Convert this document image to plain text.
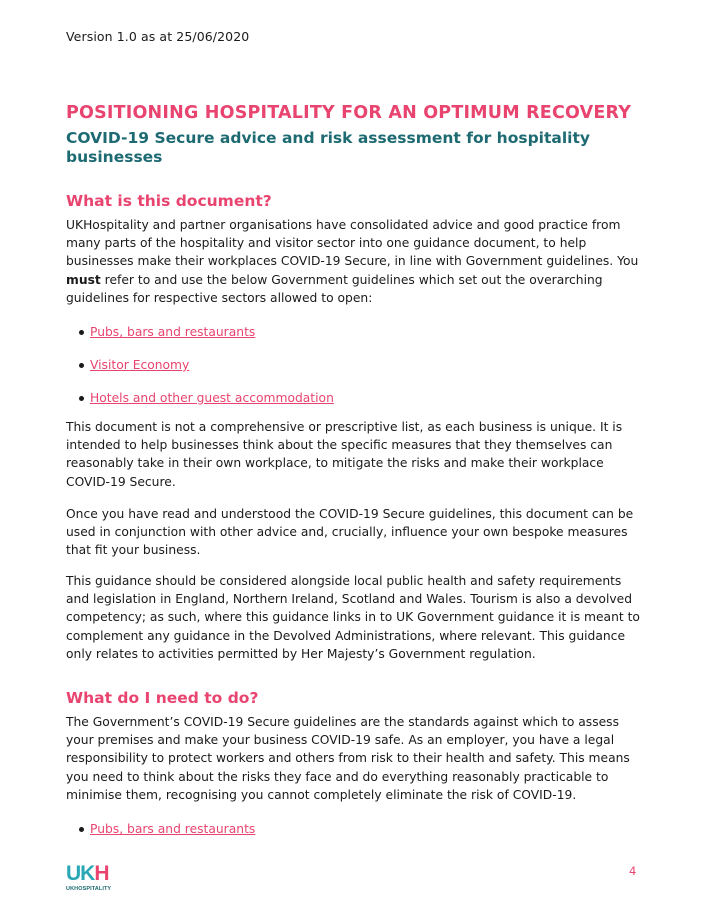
Version 1.0 as at 25/06/2020
POSITIONING HOSPITALITY FOR AN OPTIMUM RECOVERY
COVID-19 Secure advice and risk assessment for hospitality businesses
What is this document?
UKHospitality and partner organisations have consolidated advice and good practice from many parts of the hospitality and visitor sector into one guidance document, to help businesses make their workplaces COVID-19 Secure, in line with Government guidelines. You must refer to and use the below Government guidelines which set out the overarching guidelines for respective sectors allowed to open:
Pubs, bars and restaurants
Visitor Economy
Hotels and other guest accommodation
This document is not a comprehensive or prescriptive list, as each business is unique. It is intended to help businesses think about the specific measures that they themselves can reasonably take in their own workplace, to mitigate the risks and make their workplace COVID-19 Secure.
Once you have read and understood the COVID-19 Secure guidelines, this document can be used in conjunction with other advice and, crucially, influence your own bespoke measures that fit your business.
This guidance should be considered alongside local public health and safety requirements and legislation in England, Northern Ireland, Scotland and Wales. Tourism is also a devolved competency; as such, where this guidance links in to UK Government guidance it is meant to complement any guidance in the Devolved Administrations, where relevant. This guidance only relates to activities permitted by Her Majesty’s Government regulation.
What do I need to do?
The Government’s COVID-19 Secure guidelines are the standards against which to assess your premises and make your business COVID-19 safe. As an employer, you have a legal responsibility to protect workers and others from risk to their health and safety. This means you need to think about the risks they face and do everything reasonably practicable to minimise them, recognising you cannot completely eliminate the risk of COVID-19.
Pubs, bars and restaurants
UKH
UKHOSPITALITY
4
